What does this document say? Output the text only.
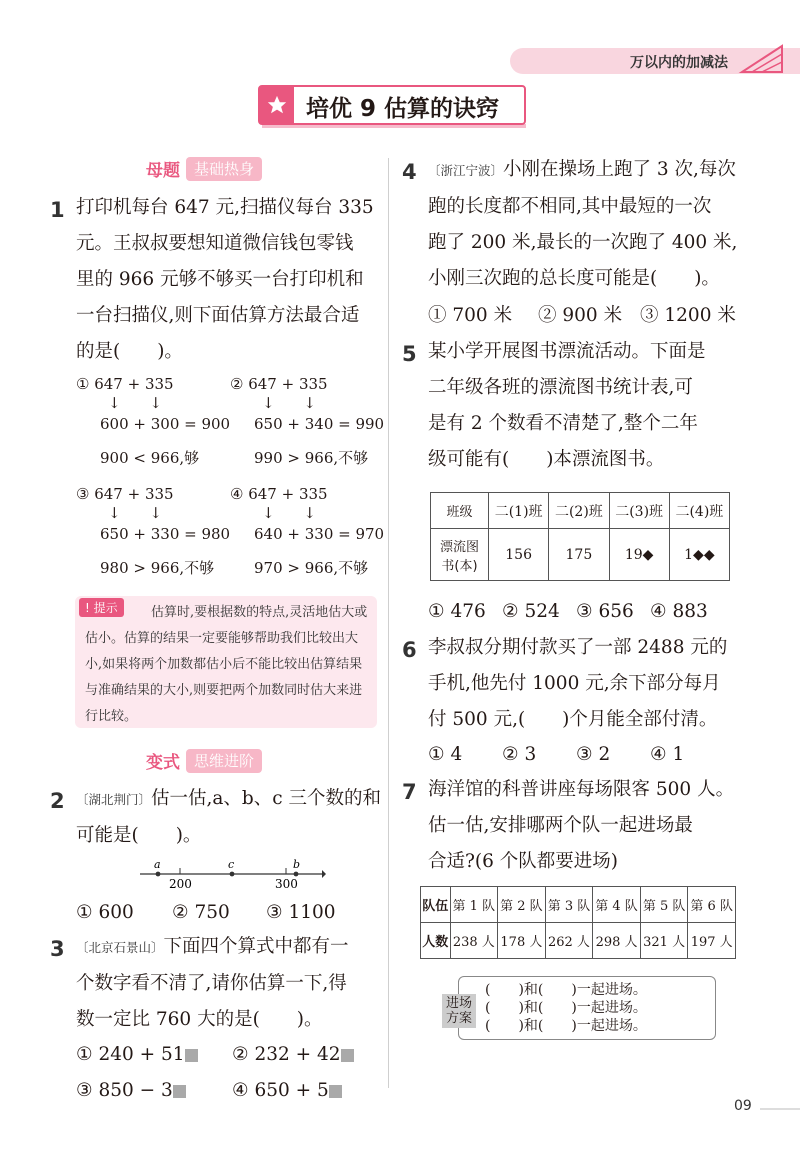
万以内的加减法
培优 9 估算的诀窍
母题 基础热身
1 打印机每台 647 元,扫描仪每台 335
元。王叔叔要想知道微信钱包零钱
里的 966 元够不够买一台打印机和
一台扫描仪,则下面估算方法最合适
的是(　　)。
① 647 + 335
↓ ↓
600 + 300 = 900
900 < 966,够
② 647 + 335
↓ ↓
650 + 340 = 990
990 > 966,不够
③ 647 + 335
↓ ↓
650 + 330 = 980
980 > 966,不够
④ 647 + 335
↓ ↓
640 + 330 = 970
970 > 966,不够
估算时,要根据数的特点,灵活地估大或估小。估算的结果一定要能够帮助我们比较出大小,如果将两个加数都估小后不能比较出估算结果与准确结果的大小,则要把两个加数同时估大来进行比较。
! 提示
变式 思维进阶
2 〔湖北荆门〕估一估,a、b、c 三个数的和
可能是(　　)。
a	c	b
200	300
① 600 ② 750 ③ 1100
3 〔北京石景山〕下面四个算式中都有一
个数字看不清了,请你估算一下,得
数一定比 760 大的是(　　)。
① 240 + 51	② 232 + 42
③ 850 − 3	④ 650 + 5
4 〔浙江宁波〕小刚在操场上跑了 3 次,每次
跑的长度都不相同,其中最短的一次
跑了 200 米,最长的一次跑了 400 米,
小刚三次跑的总长度可能是(　　)。
① 700 米 ② 900 米 ③ 1200 米
5 某小学开展图书漂流活动。下面是
二年级各班的漂流图书统计表,可
是有 2 个数看不清楚了,整个二年
级可能有(　　)本漂流图书。
班级	二(1)班	二(2)班	二(3)班	二(4)班
漂流图书(本)	156	175	19◆	1◆◆
① 476 ② 524 ③ 656 ④ 883
6 李叔叔分期付款买了一部 2488 元的
手机,他先付 1000 元,余下部分每月
付 500 元,(　　)个月能全部付清。
① 4 ② 3 ③ 2 ④ 1
7 海洋馆的科普讲座每场限客 500 人。
估一估,安排哪两个队一起进场最
合适?(6 个队都要进场)
队伍	第 1 队	第 2 队	第 3 队	第 4 队	第 5 队	第 6 队
人数	238 人	178 人	262 人	298 人	321 人	197 人
(　　)和(　　)一起进场。
(　　)和(　　)一起进场。
(　　)和(　　)一起进场。
进场方案
09
